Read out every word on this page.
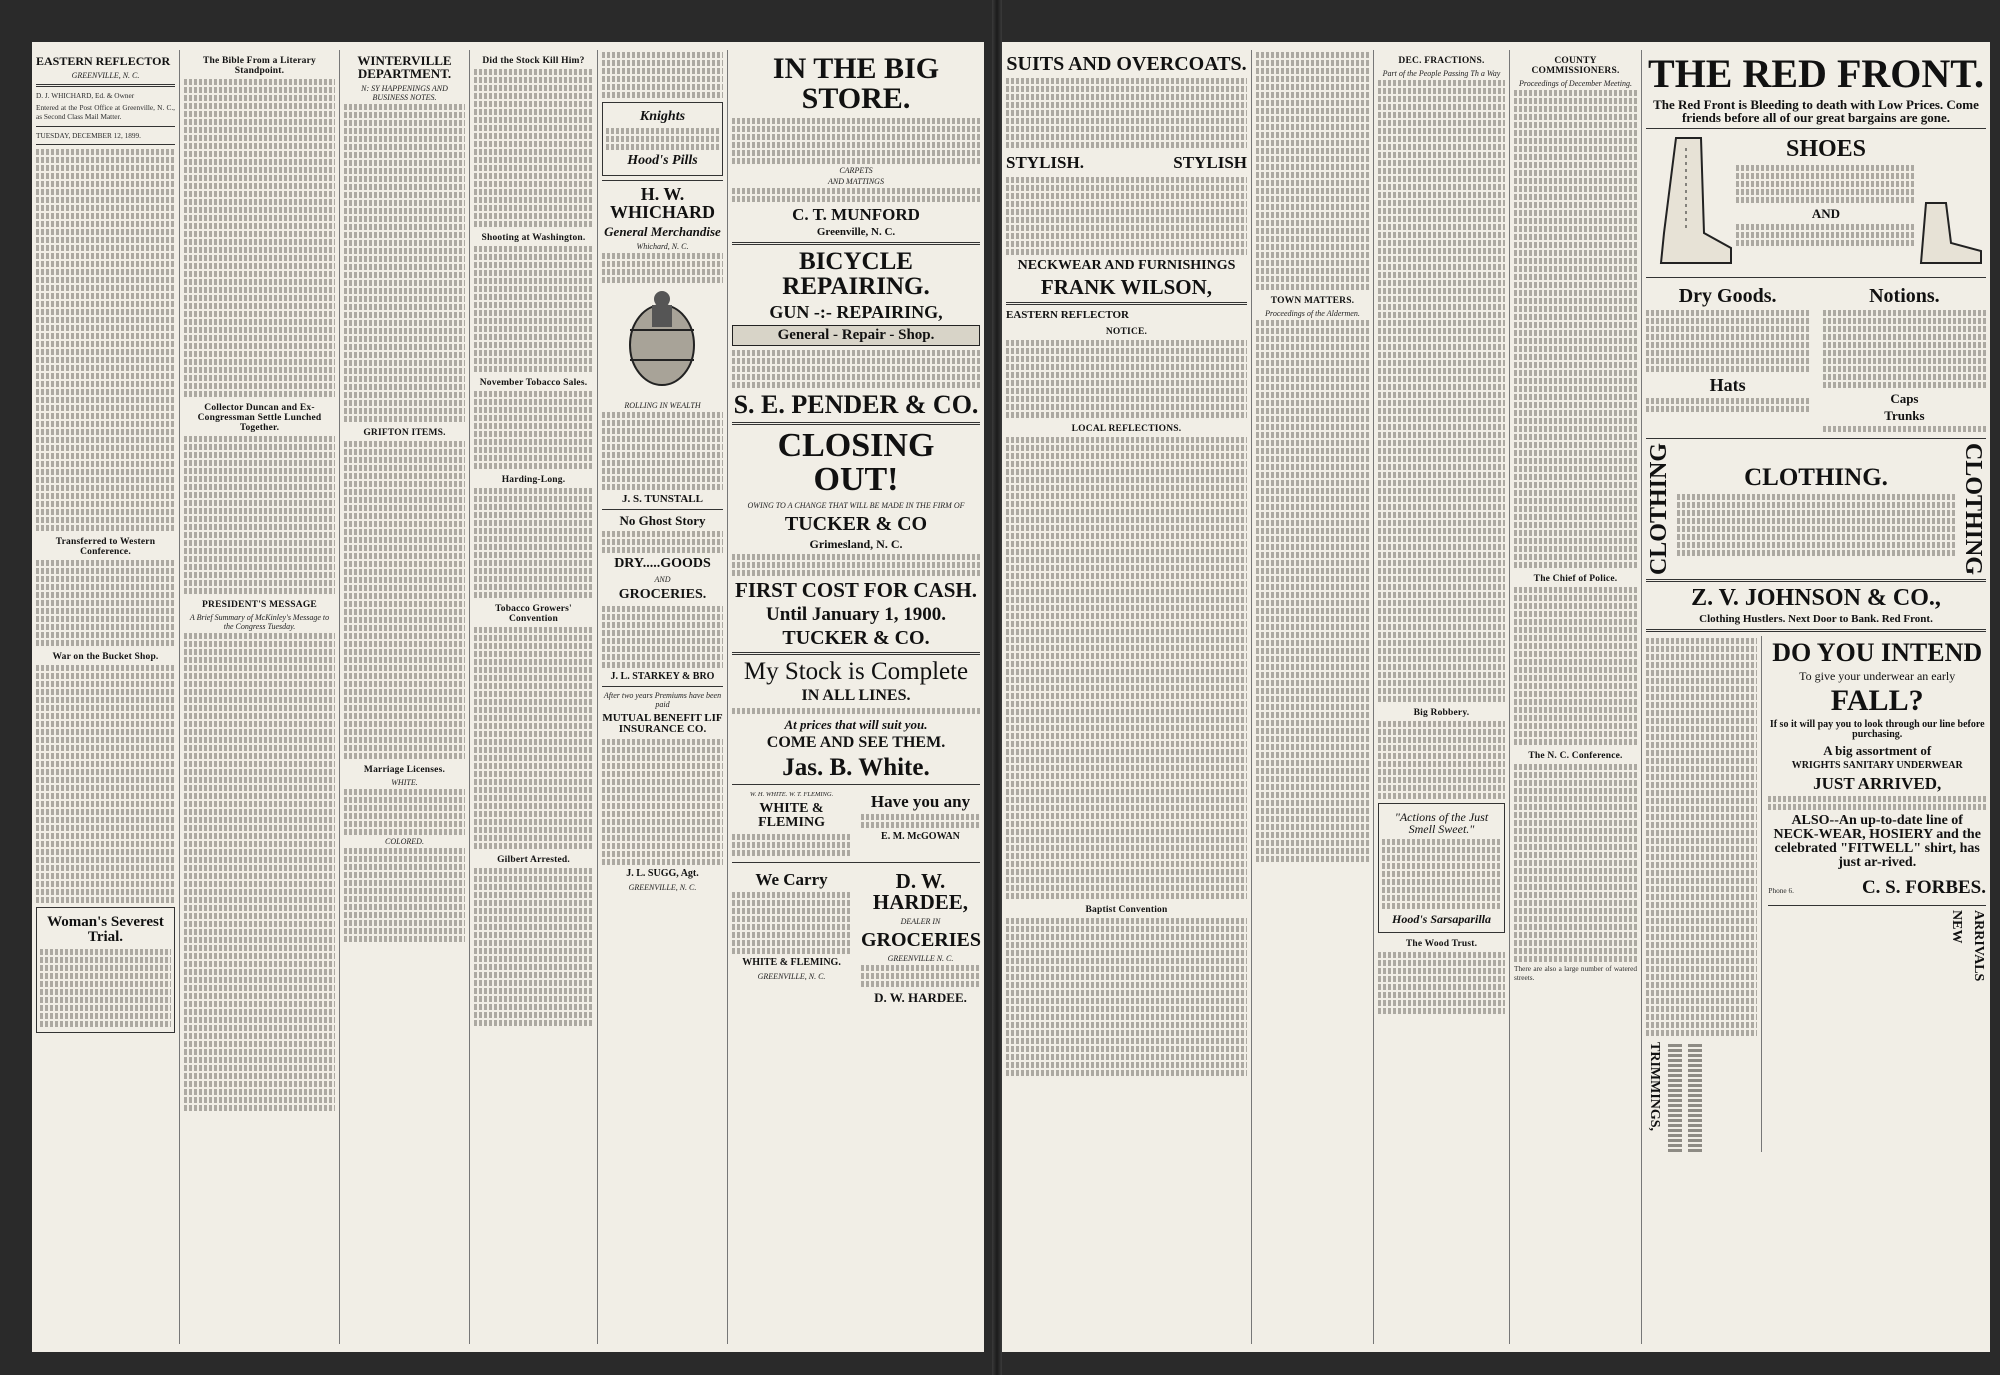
EASTERN REFLECTOR
GREENVILLE, N. C.
D. J. WHICHARD, Ed. & Owner
Entered at the Post Office at Greenville, N. C., as Second Class Mail Matter.
TUESDAY, DECEMBER 12, 1899.
Transferred to Western Conference.
War on the Bucket Shop.
Woman's Severest Trial.
The Bible From a Literary Standpoint.
Collector Duncan and Ex-Congressman Settle Lunched Together.
PRESIDENT'S MESSAGE
A Brief Summary of McKinley's Message to the Congress Tuesday.
WINTERVILLE DEPARTMENT.
N: SY HAPPENINGS AND BUSINESS NOTES.
GRIFTON ITEMS.
Marriage Licenses.
WHITE.
COLORED.
Did the Stock Kill Him?
Shooting at Washington.
November Tobacco Sales.
Harding-Long.
Tobacco Growers' Convention
Gilbert Arrested.
Knights
Hood's Pills
H. W. WHICHARD
General Merchandise
Whichard, N. C.
ROLLING IN WEALTH
J. S. TUNSTALL
No Ghost Story
DRY.....GOODS
AND
GROCERIES.
J. L. STARKEY & BRO
After two years Premiums have been paid
MUTUAL BENEFIT LIF INSURANCE CO.
J. L. SUGG, Agt.
GREENVILLE, N. C.
IN THE BIG STORE.
CARPETS
AND MATTINGS
C. T. MUNFORD
Greenville, N. C.
BICYCLE REPAIRING.
GUN -:- REPAIRING,
General - Repair - Shop.
S. E. PENDER & CO.
CLOSING OUT!
OWING TO A CHANGE THAT WILL BE MADE IN THE FIRM OF
TUCKER & CO
Grimesland, N. C.
FIRST COST FOR CASH.
Until January 1, 1900.
TUCKER & CO.
My Stock is Complete
IN ALL LINES.
At prices that will suit you.
COME AND SEE THEM.
Jas. B. White.
W. H. WHITE. W. T. FLEMING.
WHITE & FLEMING
Have you any
E. M. McGOWAN
We Carry
WHITE & FLEMING.
GREENVILLE, N. C.
D. W. HARDEE,
DEALER IN
GROCERIES
GREENVILLE N. C.
D. W. HARDEE.
SUITS AND OVERCOATS.
STYLISH.	STYLISH
NECKWEAR AND FURNISHINGS
FRANK WILSON,
EASTERN REFLECTOR
NOTICE.
LOCAL REFLECTIONS.
Baptist Convention
TOWN MATTERS.
Proceedings of the Aldermen.
DEC. FRACTIONS.
Part of the People Passing Th a Way
Big Robbery.
"Actions of the Just Smell Sweet."
Hood's Sarsaparilla
The Wood Trust.
COUNTY COMMISSIONERS.
Proceedings of December Meeting.
The Chief of Police.
The N. C. Conference.
There are also a large number of watered streets.
THE RED FRONT.
The Red Front is Bleeding to death with Low Prices. Come friends before all of our great bargains are gone.
SHOES
AND
Dry Goods.
Hats
Notions.
Caps
Trunks
CLOTHING	CLOTHING.	CLOTHING
Z. V. JOHNSON & CO.,
Clothing Hustlers. Next Door to Bank. Red Front.
TRIMMINGS,
DO YOU INTEND
To give your underwear an early
FALL?
If so it will pay you to look through our line before purchasing.
A big assortment of
WRIGHTS SANITARY UNDERWEAR
JUST ARRIVED,
ALSO--An up-to-date line of NECK-WEAR, HOSIERY and the celebrated "FITWELL" shirt, has just ar-rived.
Phone 6.	C. S. FORBES.
NEW ARRIVALS
